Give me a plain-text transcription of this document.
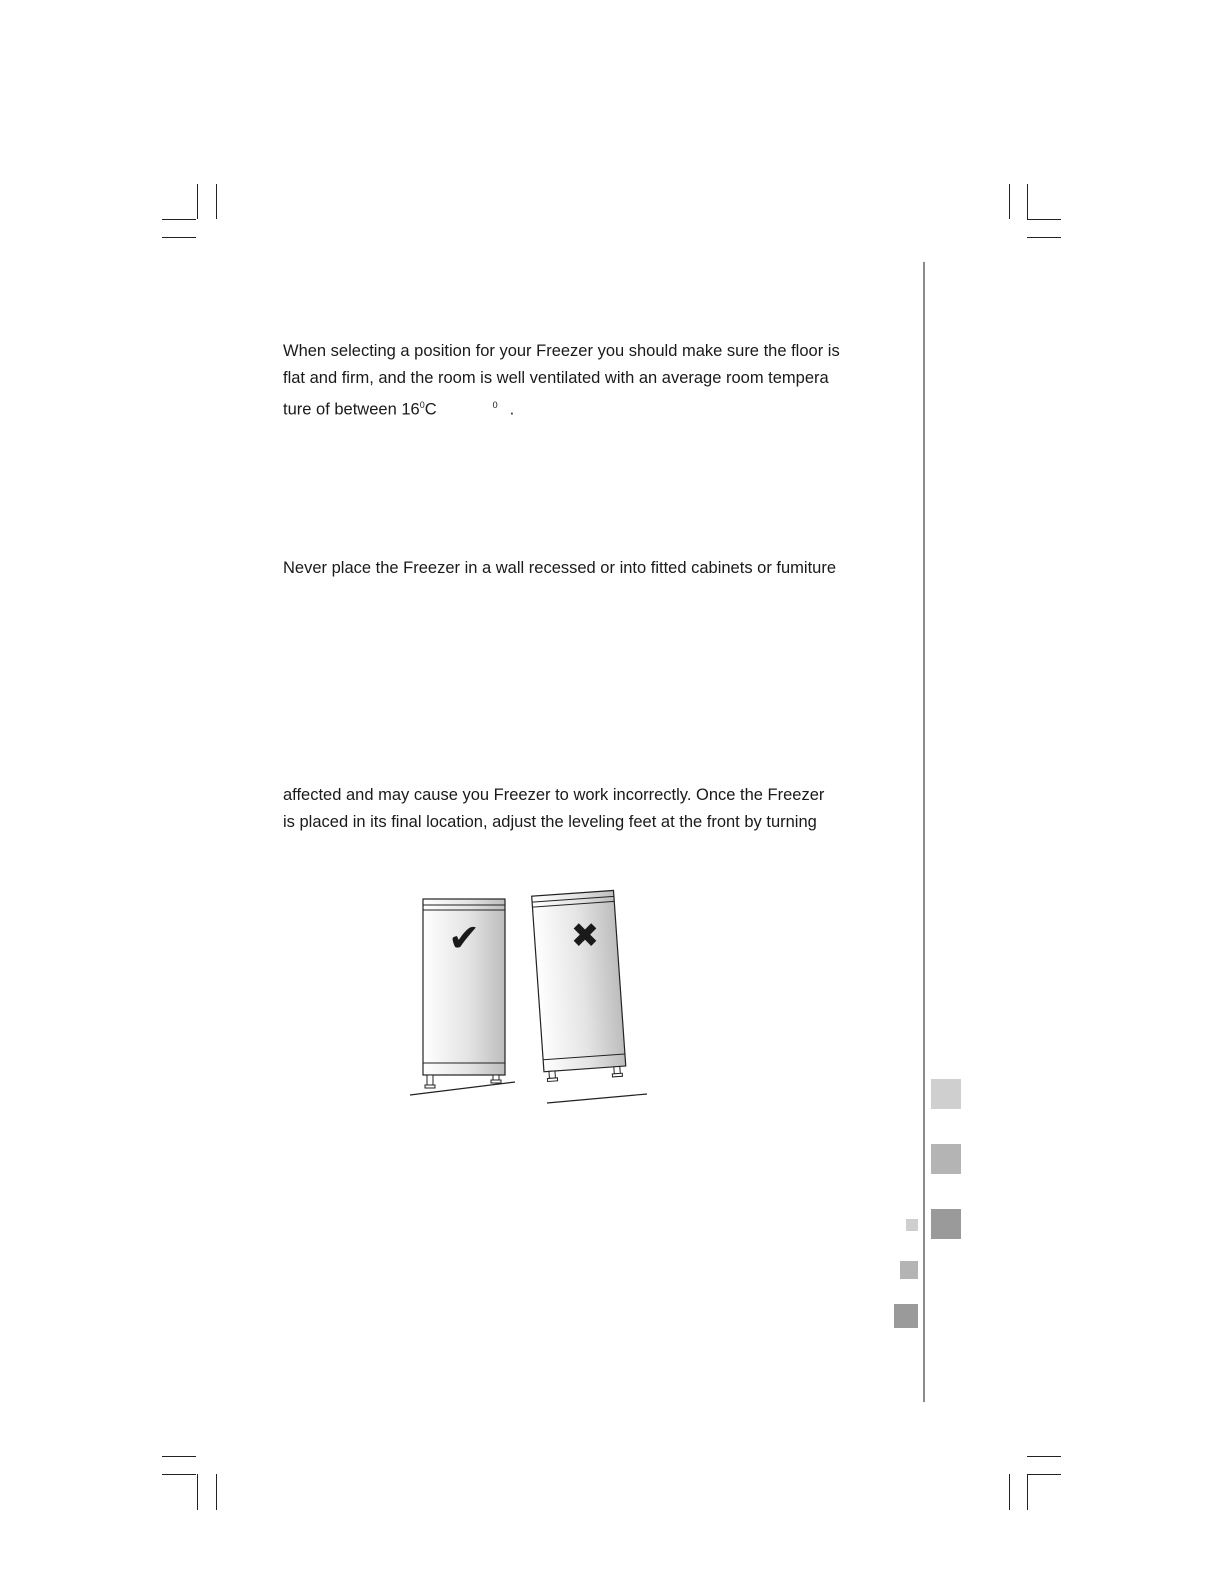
When selecting a position for your Freezer you should make sure the floor is
flat and firm, and the room is well ventilated with an average room tempera
ture of between $16^0C$	$^0$ .
Never place the Freezer in a wall recessed or into fitted cabinets or fumiture
affected and may cause you Freezer to work incorrectly. Once the Freezer
is placed in its final location, adjust the leveling feet at the front by turning
✔	✖
